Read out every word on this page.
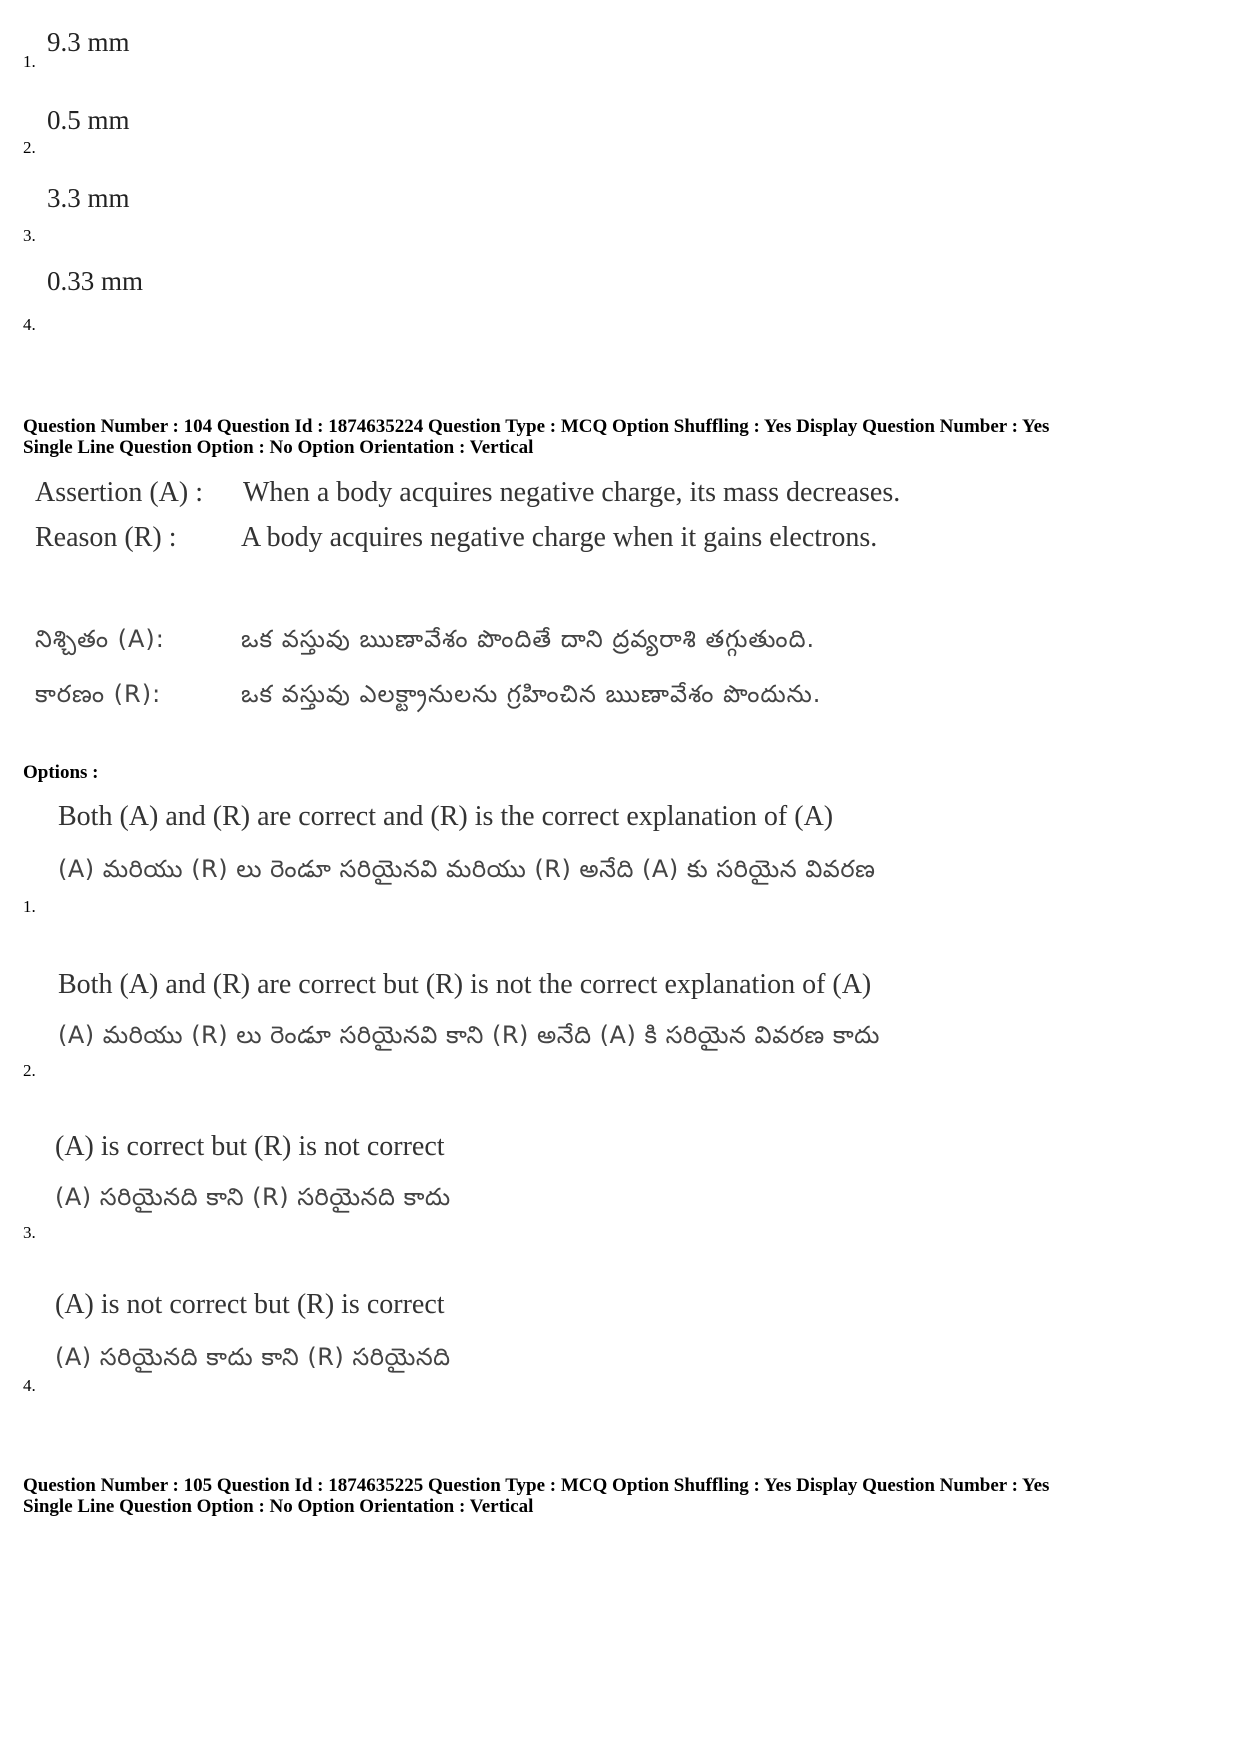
1.
9.3 mm
2.
0.5 mm
3.
3.3 mm
4.
0.33 mm
Question Number : 104 Question Id : 1874635224 Question Type : MCQ Option Shuffling : Yes Display Question Number : Yes
Single Line Question Option : No Option Orientation : Vertical
Assertion (A) : When a body acquires negative charge, its mass decreases.
Reason (R) : A body acquires negative charge when it gains electrons.
నిశ్చితం (A):	ఒక వస్తువు ఋణావేశం పొందితే దాని ద్రవ్యరాశి తగ్గుతుంది.
కారణం (R):	ఒక వస్తువు ఎలక్ట్రానులను గ్రహించిన ఋణావేశం పొందును.
Options :
Both (A) and (R) are correct and (R) is the correct explanation of (A)
(A) మరియు (R) లు రెండూ సరియైనవి మరియు (R) అనేది (A) కు సరియైన వివరణ
1.
Both (A) and (R) are correct but (R) is not the correct explanation of (A)
(A) మరియు (R) లు రెండూ సరియైనవి కాని (R) అనేది (A) కి సరియైన వివరణ కాదు
2.
(A) is correct but (R) is not correct
(A) సరియైనది కాని (R) సరియైనది కాదు
3.
(A) is not correct but (R) is correct
(A) సరియైనది కాదు కాని (R) సరియైనది
4.
Question Number : 105 Question Id : 1874635225 Question Type : MCQ Option Shuffling : Yes Display Question Number : Yes
Single Line Question Option : No Option Orientation : Vertical
